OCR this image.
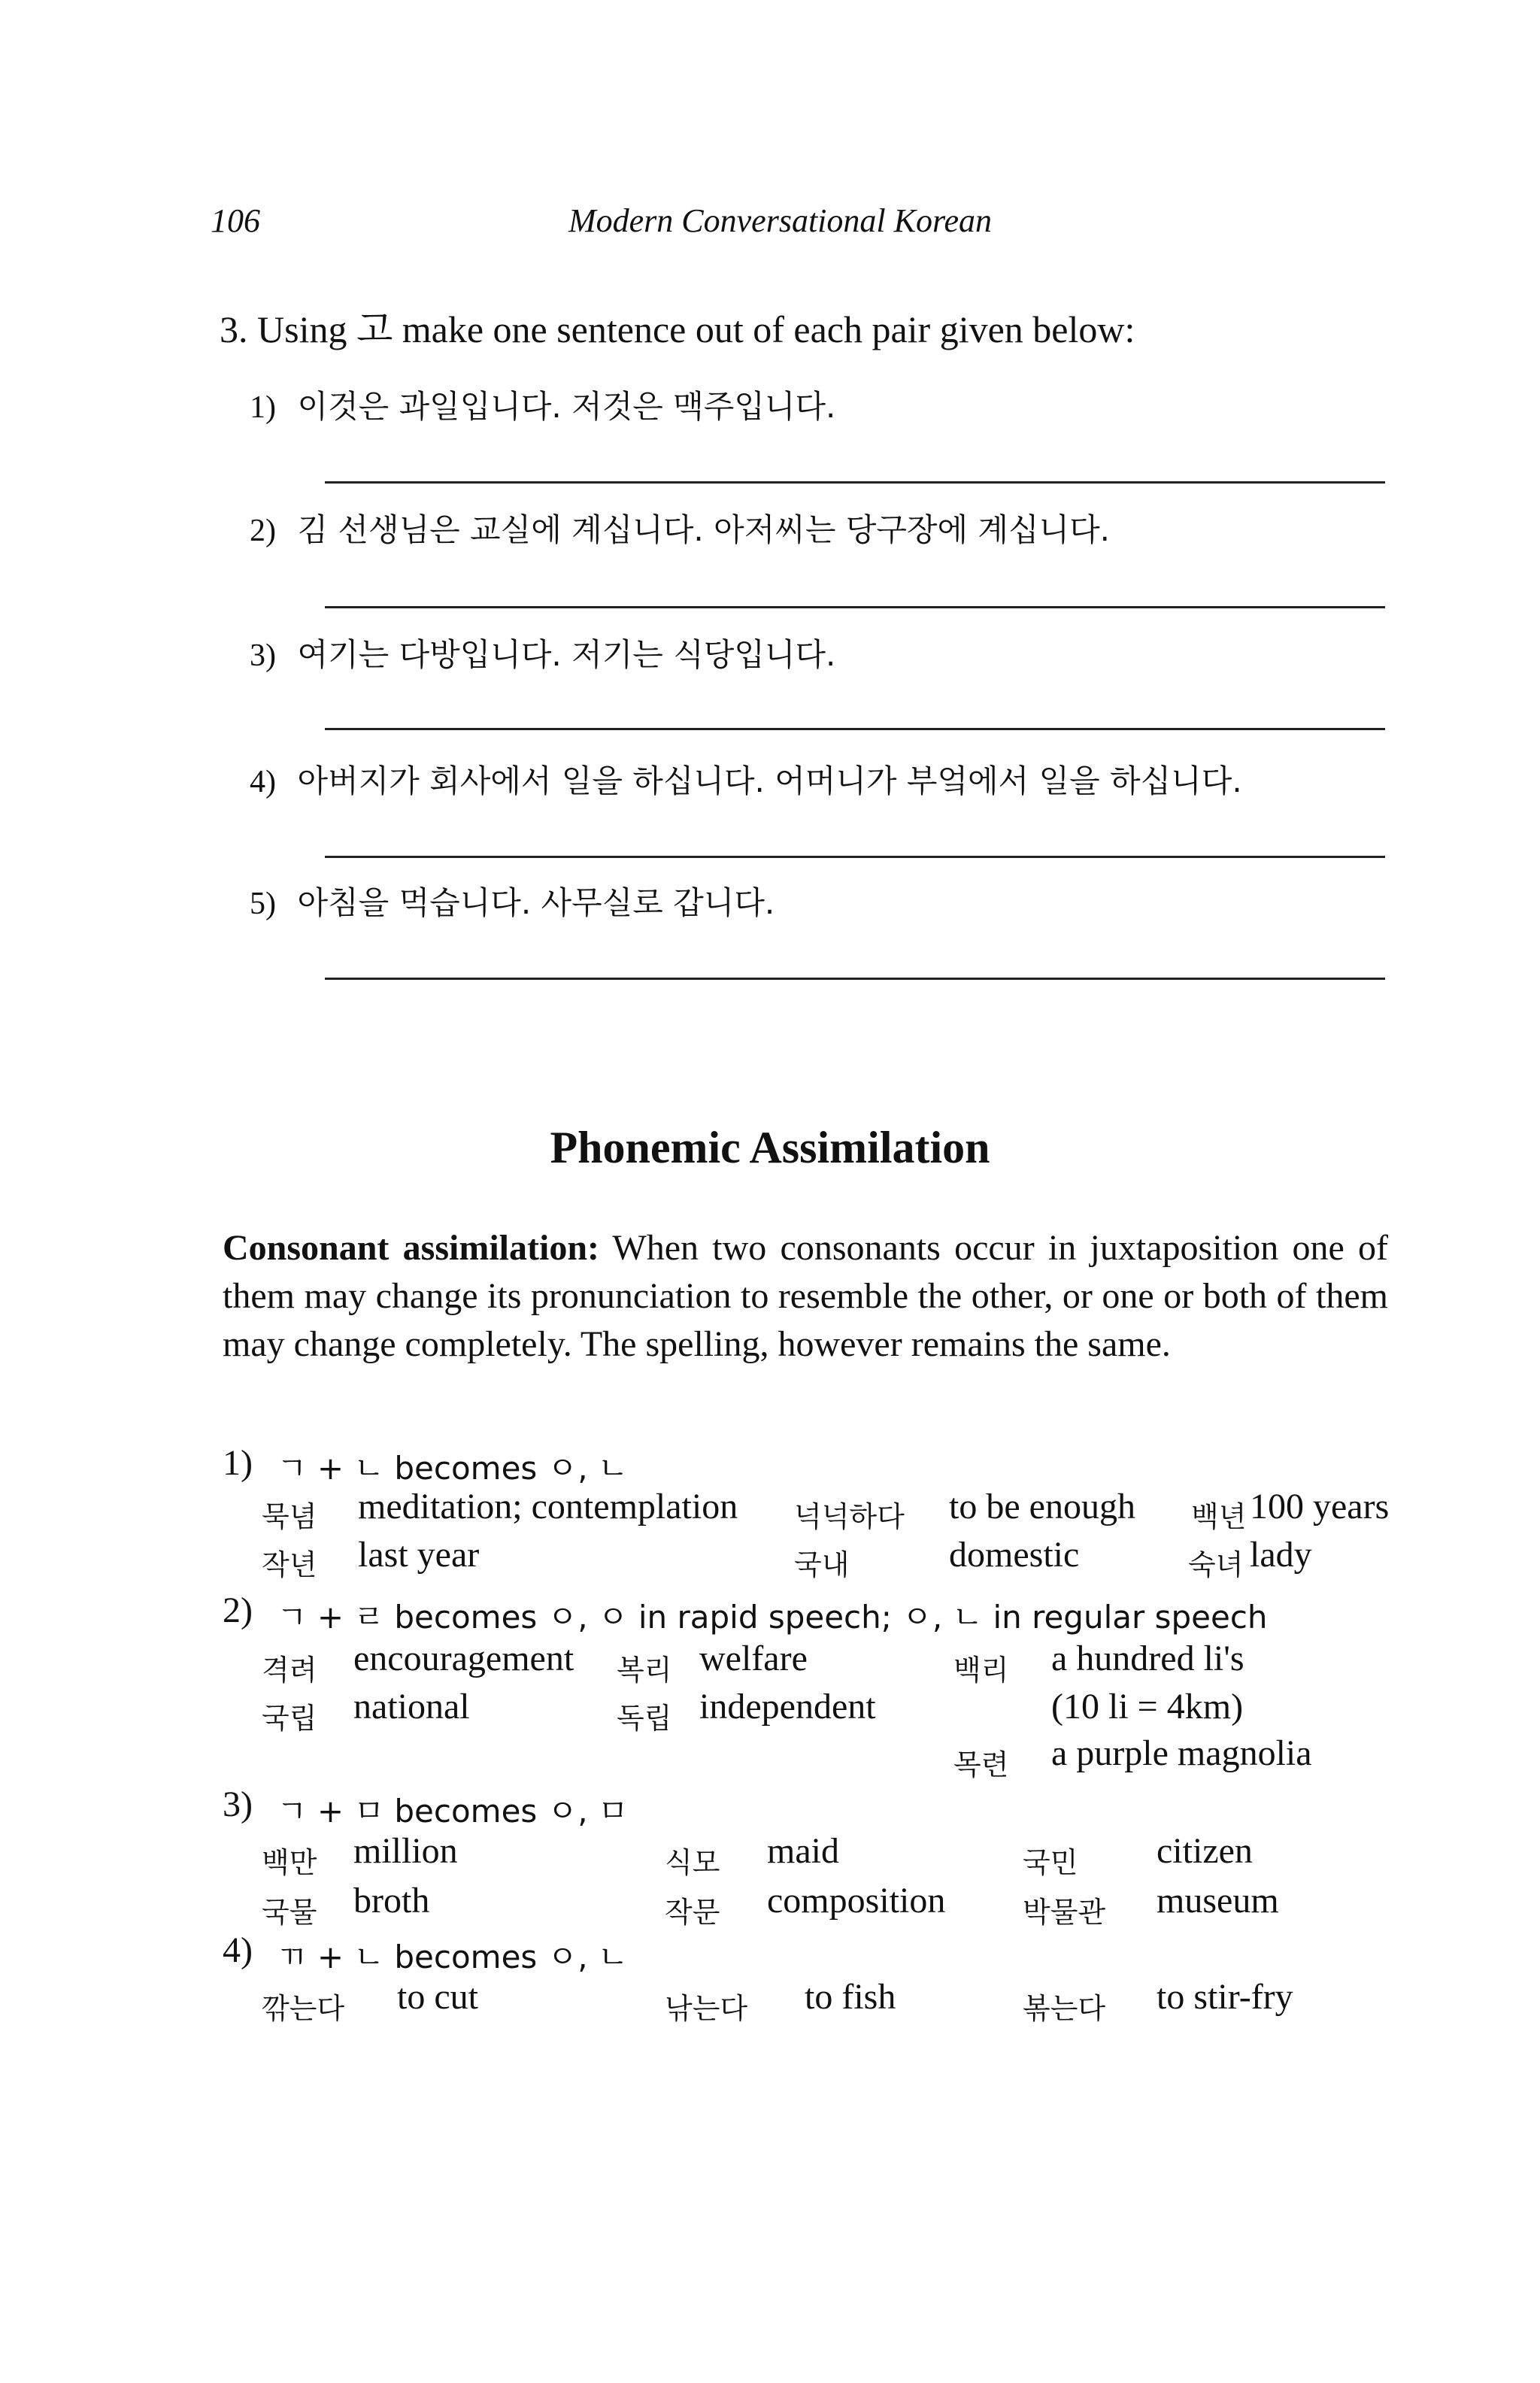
106	Modern Conversational Korean
3. Using 고 make one sentence out of each pair given below:
1) 이것은 과일입니다. 저것은 맥주입니다.
2) 김 선생님은 교실에 계십니다. 아저씨는 당구장에 계십니다.
3) 여기는 다방입니다. 저기는 식당입니다.
4) 아버지가 회사에서 일을 하십니다. 어머니가 부엌에서 일을 하십니다.
5) 아침을 먹습니다. 사무실로 갑니다.
Phonemic Assimilation
Consonant assimilation: When two consonants occur in juxtaposition one of them may change its pronunciation to resemble the other, or one or both of them may change completely. The spelling, however remains the same.
1) ㄱ + ㄴ becomes ㅇ, ㄴ
묵념 meditation; contemplation 넉넉하다 to be enough 백년 100 years
작년 last year	국내	domestic	숙녀 lady
2) ㄱ + ㄹ becomes ㅇ, ㅇ in rapid speech; ㅇ, ㄴ in regular speech
격려 encouragement 복리 welfare	백리 a hundred li's
국립 national	독립 independent	(10 li = 4km)
목련 a purple magnolia
3) ㄱ + ㅁ becomes ㅇ, ㅁ
백만 million	식모 maid	국민 citizen
국물 broth	작문 composition	박물관 museum
4) ㄲ + ㄴ becomes ㅇ, ㄴ
깎는다 to cut	낚는다 to fish	볶는다 to stir-fry
